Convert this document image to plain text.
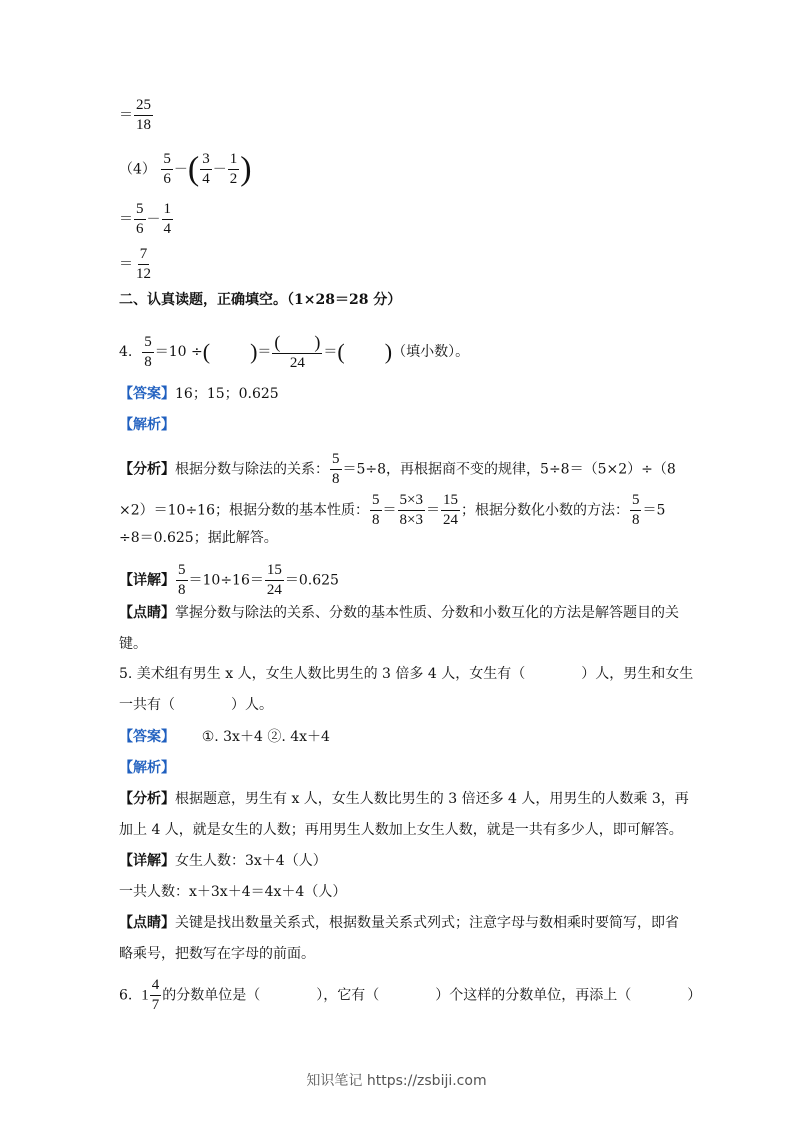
＝ $\frac{25}{18}$
$(4) \frac{5}{6}$ －( $\frac{3}{4} - \frac{1}{2}$ )
＝ $\frac{5}{6} - \frac{1}{4}$
＝ $\frac{7}{12}$
二、认真读题，正确填空。（1×28＝28 分）
4. $\frac{5}{8} =10$ ÷( )＝ $\frac{( )}{24}$ ＝( )（填小数）。
【答案】16；15；0.625
【解析】
【分析】根据分数与除法的关系： $\frac{5}{8} =5\div 8$，再根据商不变的规律，5÷8＝（5×2）÷（8
×2）＝10÷16；根据分数的基本性质： $\frac{5}{8} = \frac{5\times 3}{8\times 3} = \frac{15}{24}$ ；根据分数化小数的方法： $\frac{5}{8} =5$
÷8＝0.625；据此解答。
【详解】 $\frac{5}{8} =10\div 16= \frac{15}{24} =0.625$
【点睛】掌握分数与除法的关系、分数的基本性质、分数和小数互化的方法是解答题目的关
键。
5. 美术组有男生 x 人，女生人数比男生的 3 倍多 4 人，女生有（	）人，男生和女生
一共有（	）人。
【答案】 ①. 3x＋4 ②. 4x＋4
【解析】
【分析】根据题意，男生有 x 人，女生人数比男生的 3 倍还多 4 人，用男生的人数乘 3，再
加上 4 人，就是女生的人数；再用男生人数加上女生人数，就是一共有多少人，即可解答。
【详解】女生人数：3x＋4（人）
一共人数：x＋3x＋4＝4x＋4（人）
【点睛】关键是找出数量关系式，根据数量关系式列式；注意字母与数相乘时要简写，即省
略乘号，把数写在字母的前面。
6. $1 \frac{4}{7}$ 的分数单位是（	），它有（	）个这样的分数单位，再添上（	）
知识笔记 https://zsbiji.com
